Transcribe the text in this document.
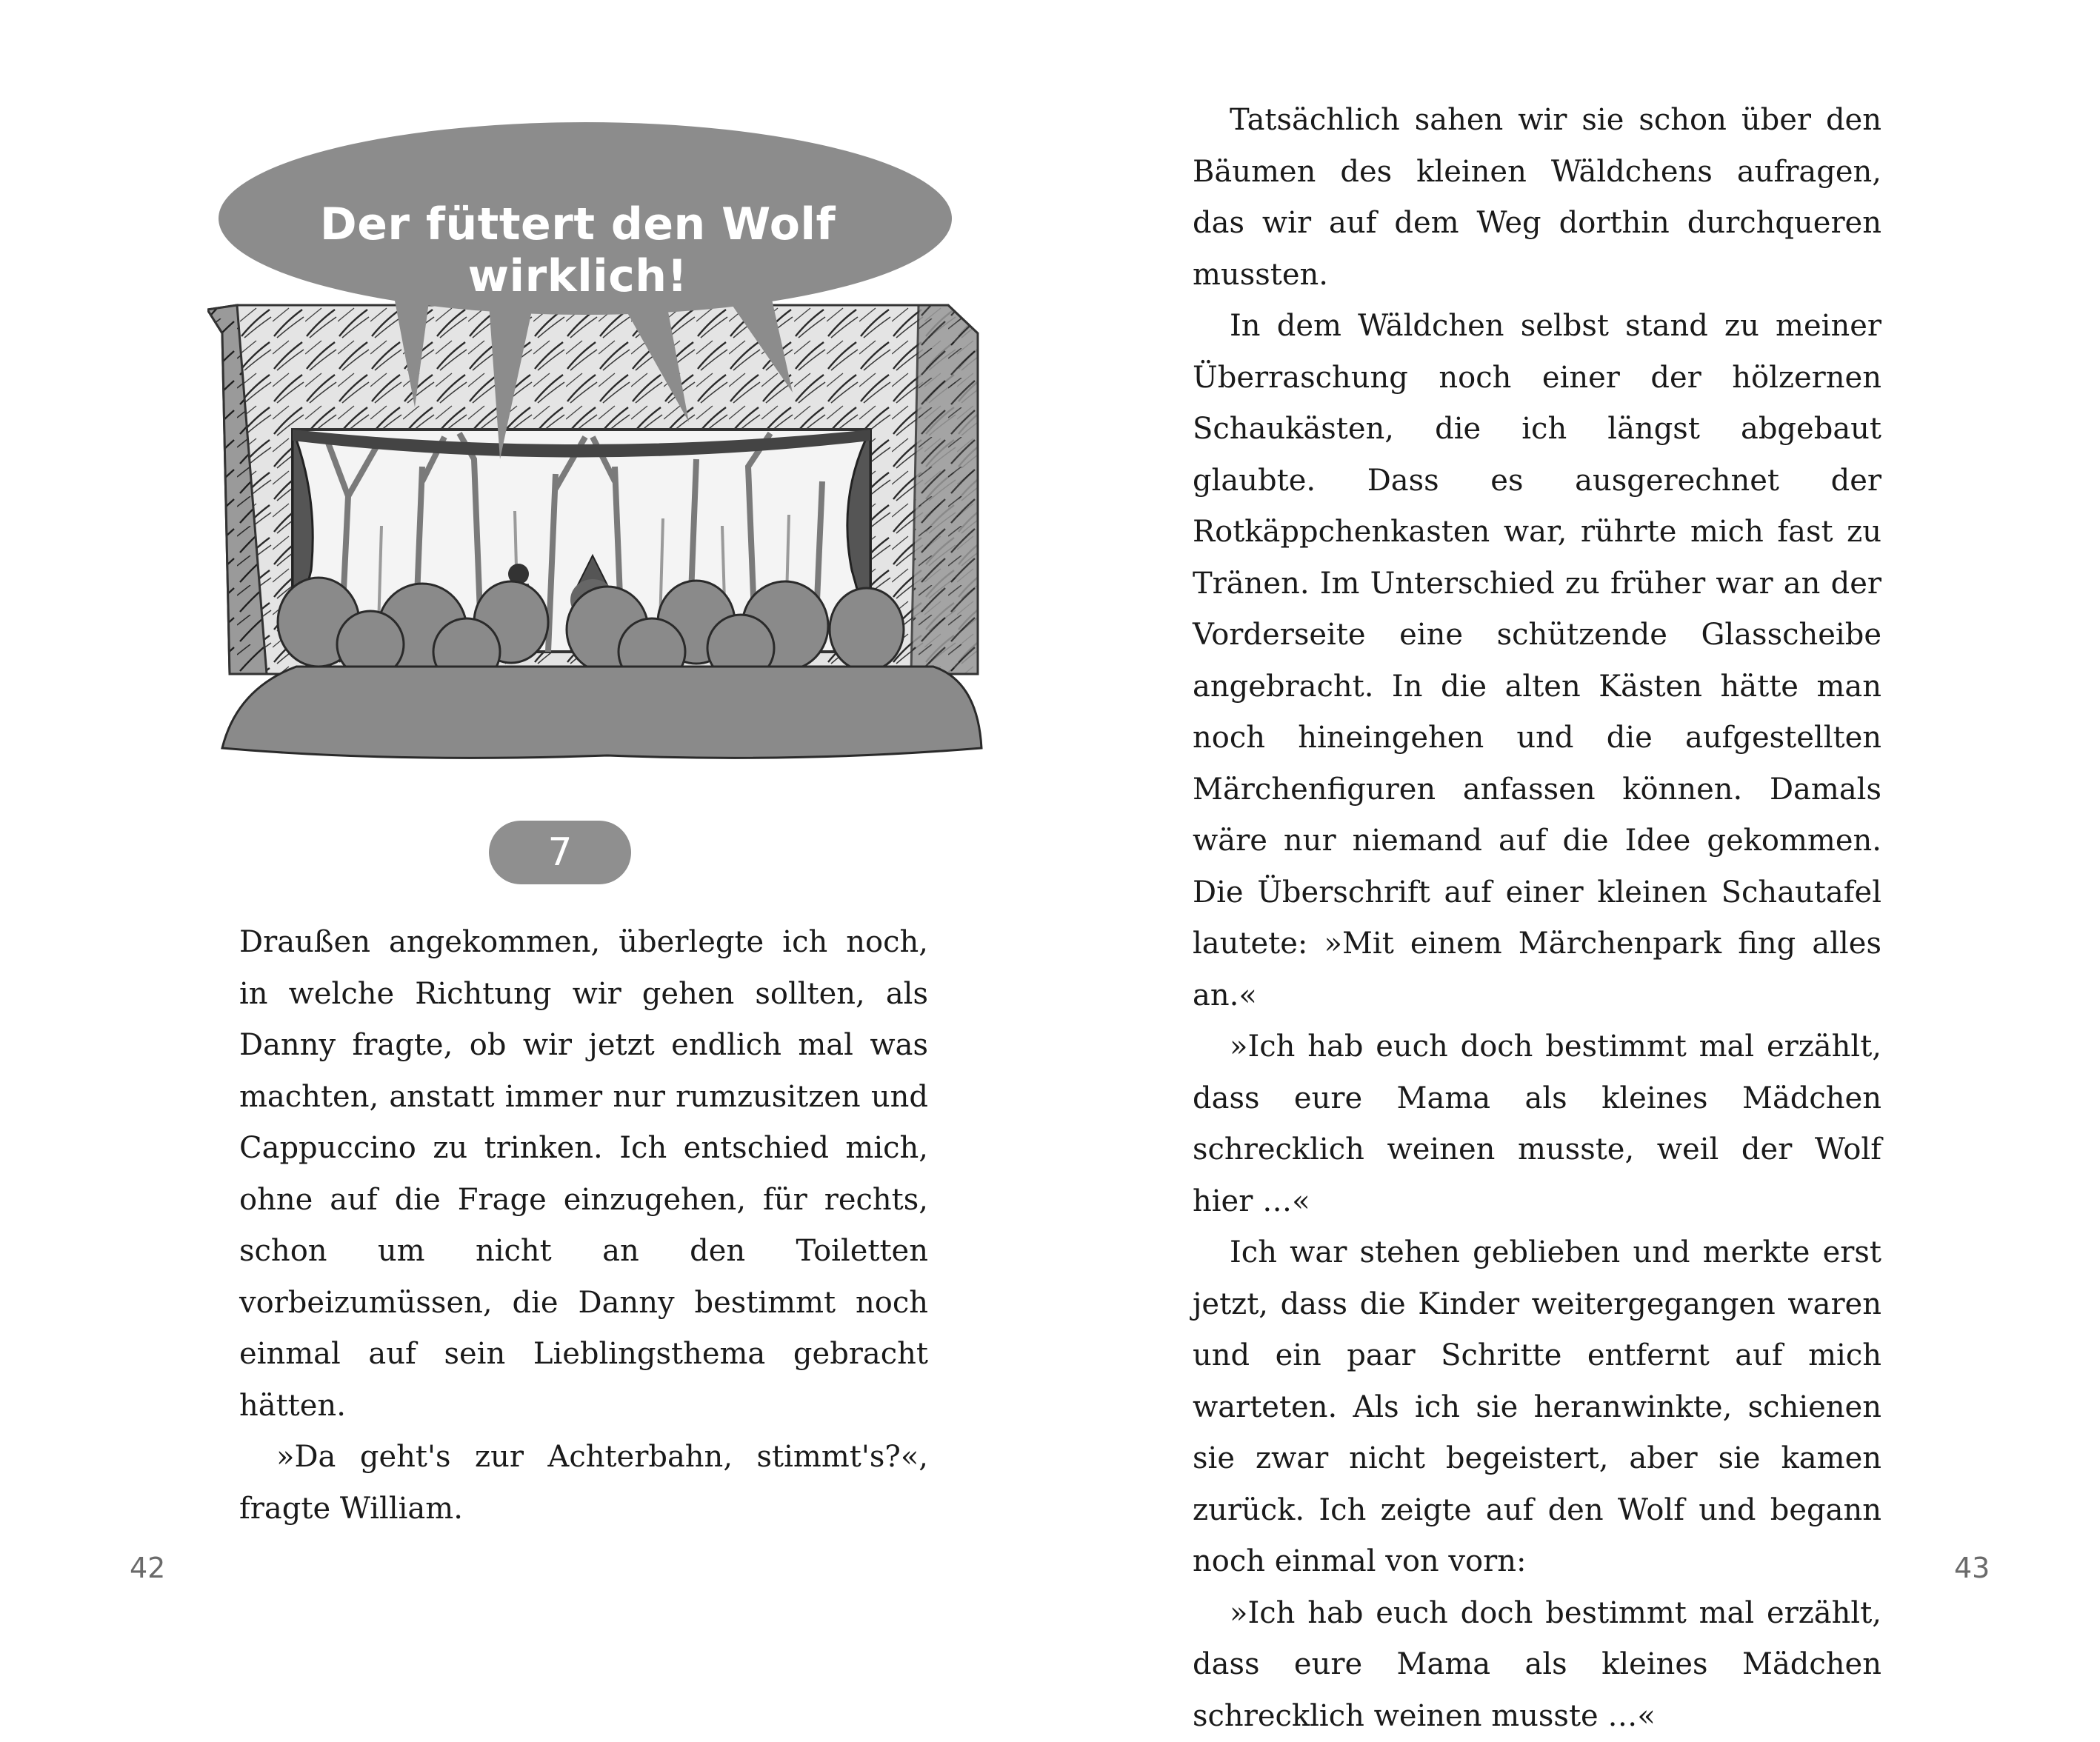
Der füttert den Wolf wirklich!
7

Draußen angekommen, überlegte ich noch, in welche Richtung wir gehen sollten, als Danny fragte, ob wir jetzt endlich mal was machten, anstatt immer nur rumzusitzen und Cappuccino zu trinken. Ich entschied mich, ohne auf die Frage einzugehen, für rechts, schon um nicht an den Toiletten vorbeizumüssen, die Danny bestimmt noch einmal auf sein Lieblingsthema gebracht hätten.

»Da geht's zur Achterbahn, stimmt's?«, fragte William.

Tatsächlich sahen wir sie schon über den Bäumen des kleinen Wäldchens aufragen, das wir auf dem Weg dorthin durchqueren mussten.

In dem Wäldchen selbst stand zu meiner Überraschung noch einer der hölzernen Schaukästen, die ich längst abgebaut glaubte. Dass es ausgerechnet der Rotkäppchenkasten war, rührte mich fast zu Tränen. Im Unterschied zu früher war an der Vorderseite eine schützende Glasscheibe angebracht. In die alten Kästen hätte man noch hineingehen und die aufgestellten Märchenfiguren anfassen können. Damals wäre nur niemand auf die Idee gekommen. Die Überschrift auf einer kleinen Schautafel lautete: »Mit einem Märchenpark fing alles an.«

»Ich hab euch doch bestimmt mal erzählt, dass eure Mama als kleines Mädchen schrecklich weinen musste, weil der Wolf hier …«

Ich war stehen geblieben und merkte erst jetzt, dass die Kinder weitergegangen waren und ein paar Schritte entfernt auf mich warteten. Als ich sie heranwinkte, schienen sie zwar nicht begeistert, aber sie kamen zurück. Ich zeigte auf den Wolf und begann noch einmal von vorn:

»Ich hab euch doch bestimmt mal erzählt, dass eure Mama als kleines Mädchen schrecklich weinen musste …«

42	43
